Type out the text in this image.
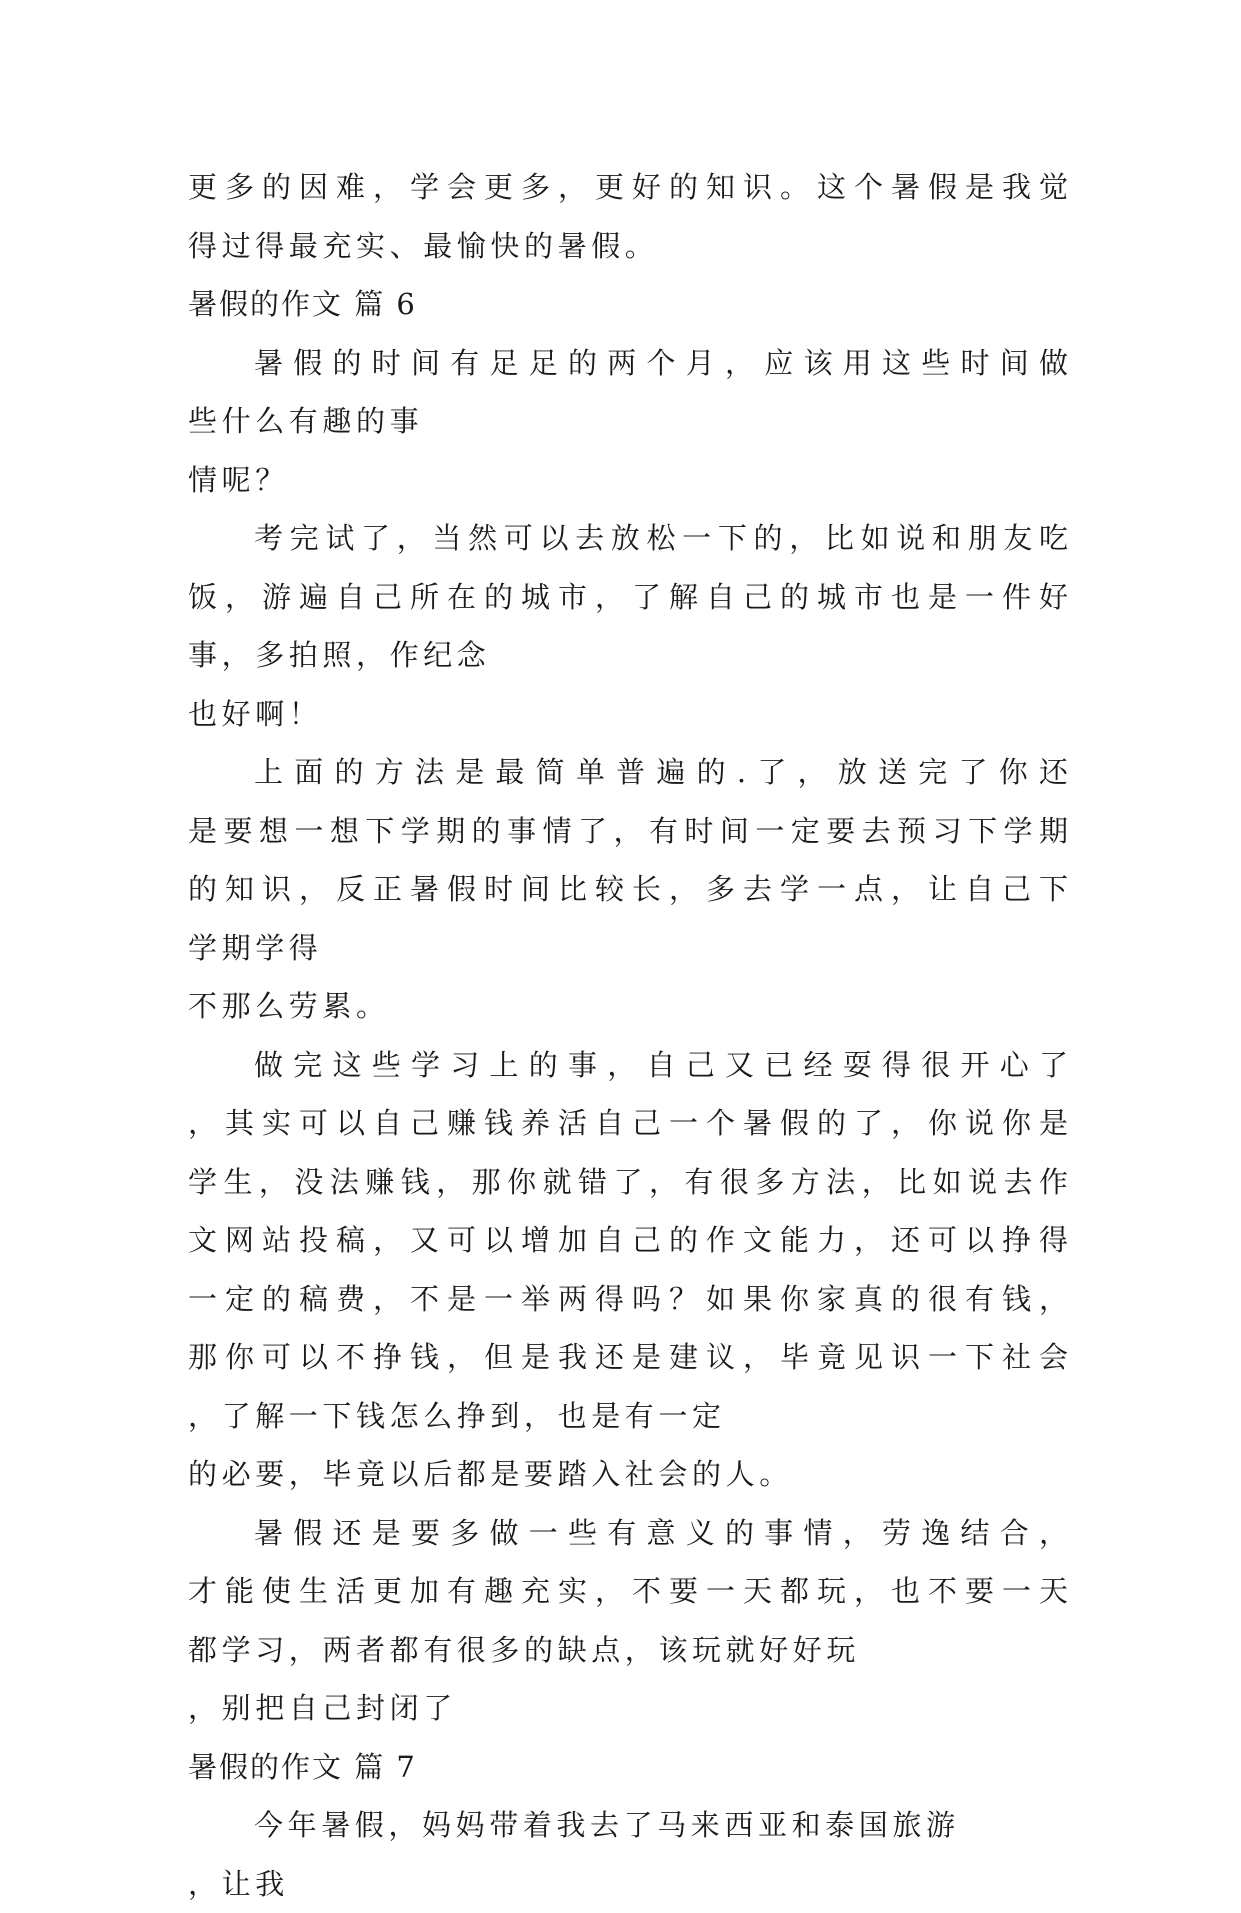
更多的因难，学会更多，更好的知识。这个暑假是我觉
得过得最充实、最愉快的暑假。
暑假的作文 篇 6
暑假的时间有足足的两个月，应该用这些时间做
些什么有趣的事
情呢？
考完试了，当然可以去放松一下的，比如说和朋友吃
饭，游遍自己所在的城市，了解自己的城市也是一件好
事，多拍照，作纪念
也好啊！
上面的方法是最简单普遍的.了，放送完了你还
是要想一想下学期的事情了，有时间一定要去预习下学期
的知识，反正暑假时间比较长，多去学一点，让自己下
学期学得
不那么劳累。
做完这些学习上的事，自己又已经耍得很开心了
，其实可以自己赚钱养活自己一个暑假的了，你说你是
学生，没法赚钱，那你就错了，有很多方法，比如说去作
文网站投稿，又可以增加自己的作文能力，还可以挣得
一定的稿费，不是一举两得吗？如果你家真的很有钱，
那你可以不挣钱，但是我还是建议，毕竟见识一下社会
，了解一下钱怎么挣到，也是有一定
的必要，毕竟以后都是要踏入社会的人。
暑假还是要多做一些有意义的事情，劳逸结合，
才能使生活更加有趣充实，不要一天都玩，也不要一天
都学习，两者都有很多的缺点，该玩就好好玩
，别把自己封闭了
暑假的作文 篇 7
今年暑假，妈妈带着我去了马来西亚和泰国旅游
，让我
